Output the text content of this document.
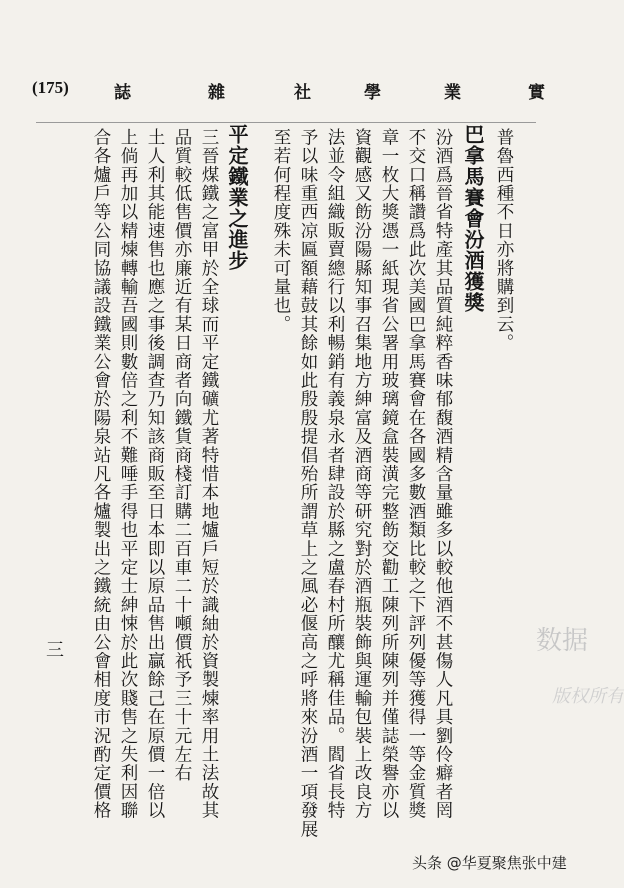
(175)	誌	雜	社	學	業	實
普魯西種不日亦將購到云。
巴拿馬賽會汾酒獲獎
汾酒爲晉省特產其品質純粹香味郁馥酒精含量雖多以較他酒不甚傷人凡具劉伶癖者罔
不交口稱讚爲此次美國巴拿馬賽會在各國多數酒類比較之下評列優等獲得一等金質獎
章一枚大獎憑一紙現省公署用玻璃鏡盒裝潢完整飭交勸工陳列所陳列并僅誌榮譽亦以
資觀感又飭汾陽縣知事召集地方紳富及酒商等研究對於酒瓶裝飾與運輸包裝上改良方
法並令組織販賣總行以利暢銷有義泉永者肆設於縣之盧春村所釀尤稱佳品。閻省長特
予以味重西凉匾額藉鼓其餘如此殷殷提倡殆所謂草上之風必偃高之呼將來汾酒一項發展
至若何程度殊未可量也。
平定鐵業之進步
三晉煤鐵之富甲於全球而平定鐵礦尤著特惜本地爐戶短於識紬於資製煉率用土法故其
品質較低售價亦廉近有某日商者向鐵貨商棧訂購二百車二十噸價祇予三十元左右
土人利其能速售也應之事後調查乃知該商販至日本即以原品售出贏餘己在原價一倍以
上倘再加以精煉轉輸吾國則數倍之利不難唾手得也平定士紳悚於此次賤售之失利因聯
合各爐戶等公同協議設鐵業公會於陽泉站凡各爐製出之鐵統由公會相度市況酌定價格
三	数据
版权所有
头条 @华夏聚焦张中建
